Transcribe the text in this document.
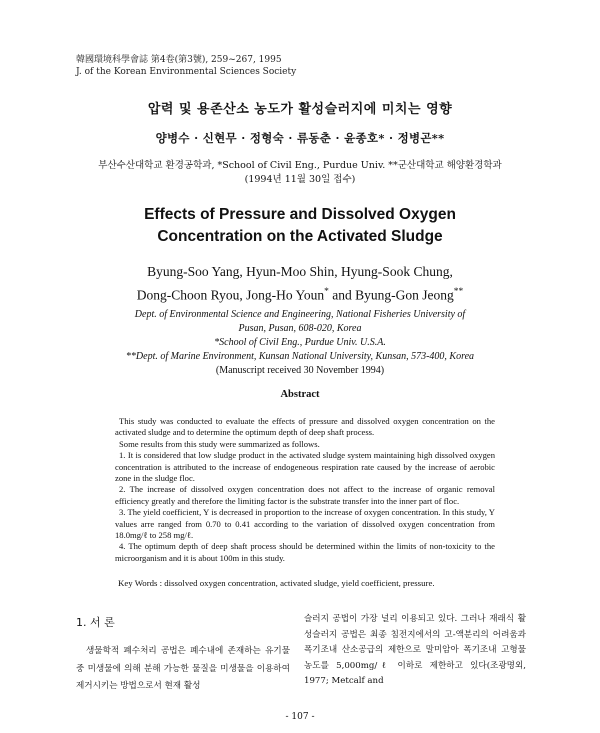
韓國環境科學會誌 第4卷(第3號), 259~267, 1995
J. of the Korean Environmental Sciences Society
압력 및 용존산소 농도가 활성슬러지에 미치는 영향
양병수 · 신현무 · 정형숙 · 류동춘 · 윤종호* · 정병곤**
부산수산대학교 환경공학과, *School of Civil Eng., Purdue Univ. **군산대학교 해양환경학과
(1994년 11월 30일 접수)
Effects of Pressure and Dissolved Oxygen
Concentration on the Activated Sludge
Byung-Soo Yang, Hyun-Moo Shin, Hyung-Sook Chung,
Dong-Choon Ryou, Jong-Ho Youn* and Byung-Gon Jeong**
Dept. of Environmental Science and Engineering, National Fisheries University of
Pusan, Pusan, 608-020, Korea
*School of Civil Eng., Purdue Univ. U.S.A.
**Dept. of Marine Environment, Kunsan National University, Kunsan, 573-400, Korea
(Manuscript received 30 November 1994)
Abstract

This study was conducted to evaluate the effects of pressure and dissolved oxygen concentration on the activated sludge and to determine the optimum depth of deep shaft process.

Some results from this study were summarized as follows.

1. It is considered that low sludge product in the activated sludge system maintaining high dissolved oxygen concentration is attributed to the increase of endogeneous respiration rate caused by the increase of aerobic zone in the sludge floc.

2. The increase of dissolved oxygen concentration does not affect to the increase of organic removal efficiency greatly and therefore the limiting factor is the substrate transfer into the inner part of floc.

3. The yield coefficient, Y is decreased in proportion to the increase of oxygen concentration. In this study, Y values arre ranged from 0.70 to 0.41 according to the variation of dissolved oxygen concentration from 18.0mg/ℓ to 258 mg/ℓ.

4. The optimum depth of deep shaft process should be determined within the limits of non-toxicity to the microorganism and it is about 100m in this study.

Key Words : dissolved oxygen concentration, activated sludge, yield coefficient, pressure.
1. 서 론

생물학적 폐수처리 공법은 폐수내에 존재하는 유기물중 미생물에 의해 분해 가능한 물질을 미생물을 이용하여 제거시키는 방법으로서 현재 활성

슬러지 공법이 가장 널리 이용되고 있다. 그러나 재래식 활성슬러지 공법은 최종 침전지에서의 고-액분리의 어려움과 폭기조내 산소공급의 제한으로 말미암아 폭기조내 고형물 농도를 5,000mg/ℓ 이하로 제한하고 있다(조광명외, 1977; Metcalf and

- 107 -
